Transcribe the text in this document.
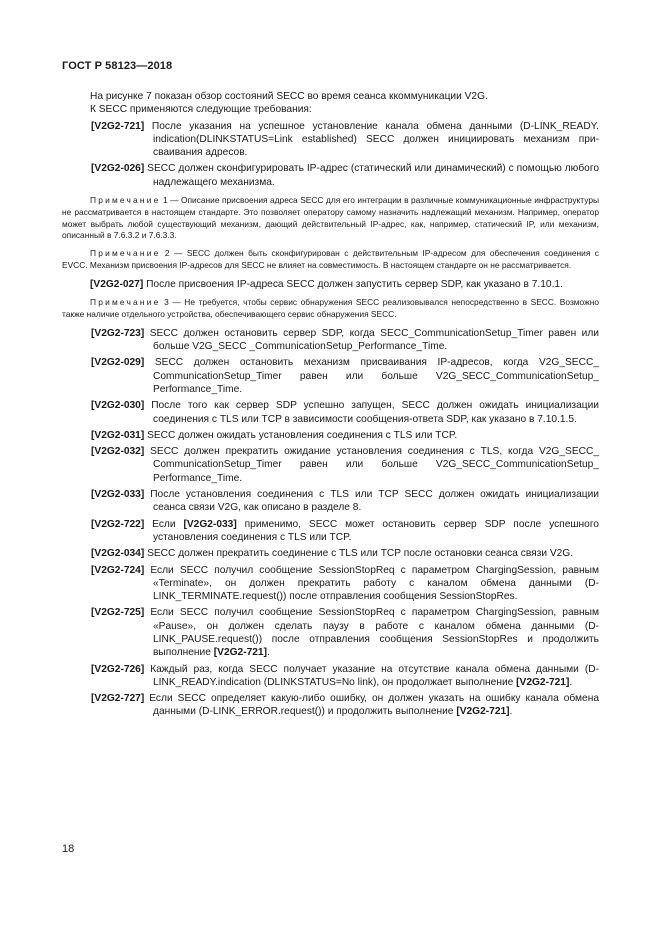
ГОСТ Р 58123—2018

На рисунке 7 показан обзор состояний SECC во время сеанса ккоммуникации V2G.

К SECC применяются следующие требования:

[V2G2-721] После указания на успешное установление канала обмена данными (D-LINK_READY. indication(DLINKSTATUS=Link established) SECC должен инициировать механизм присваивания адресов.

[V2G2-026] SECC должен сконфигурировать IP-адрес (статический или динамический) с помощью любого надлежащего механизма.

Примечание 1 — Описание присвоения адреса SECC для его интеграции в различные коммуникационные инфраструктуры не рассматривается в настоящем стандарте. Это позволяет оператору самому назначить надлежащий механизм. Например, оператор может выбрать любой существующий механизм, дающий действительный IP-адрес, как, например, статический IP, или механизм, описанный в 7.6.3.2 и 7.6.3.3.

Примечание 2 — SECC должен быть сконфигурирован с действительным IP-адресом для обеспечения соединения с EVCC. Механизм присвоения IP-адресов для SECC не влияет на совместимость. В настоящем стандарте он не рассматривается.

[V2G2-027] После присвоения IP-адреса SECC должен запустить сервер SDP, как указано в 7.10.1.

Примечание 3 — Не требуется, чтобы сервис обнаружения SECC реализовывался непосредственно в SECC. Возможно также наличие отдельного устройства, обеспечивающего сервис обнаружения SECC.

[V2G2-723] SECC должен остановить сервер SDP, когда SECC_CommunicationSetup_Timer равен или больше V2G_SECC _CommunicationSetup_Performance_Time.

[V2G2-029] SECC должен остановить механизм присваивания IP-адресов, когда V2G_SECC_ CommunicationSetup_Timer равен или больше V2G_SECC_CommunicationSetup_ Performance_Time.

[V2G2-030] После того как сервер SDP успешно запущен, SECC должен ожидать инициализации соединения с TLS или TCP в зависимости сообщения-ответа SDP, как указано в 7.10.1.5.

[V2G2-031] SECC должен ожидать установления соединения с TLS или TCP.

[V2G2-032] SECC должен прекратить ожидание установления соединения с TLS, когда V2G_SECC_ CommunicationSetup_Timer равен или больше V2G_SECC_CommunicationSetup_ Performance_Time.

[V2G2-033] После установления соединения с TLS или TCP SECC должен ожидать инициализации сеанса связи V2G, как описано в разделе 8.

[V2G2-722] Если [V2G2-033] применимо, SECC может остановить сервер SDP после успешного установления соединения с TLS или TCP.

[V2G2-034] SECC должен прекратить соединение с TLS или TCP после остановки сеанса связи V2G.

[V2G2-724] Если SECC получил сообщение SessionStopReq с параметром ChargingSession, равным «Terminate», он должен прекратить работу с каналом обмена данными (D-LINK_TERMINATE.request()) после отправления сообщения SessionStopRes.

[V2G2-725] Если SECC получил сообщение SessionStopReq с параметром ChargingSession, равным «Pause», он должен сделать паузу в работе с каналом обмена данными (D-LINK_PAUSE.request()) после отправления сообщения SessionStopRes и продолжить выполнение [V2G2-721].

[V2G2-726] Каждый раз, когда SECC получает указание на отсутствие канала обмена данными (D-LINK_READY.indication (DLINKSTATUS=No link), он продолжает выполнение [V2G2-721].

[V2G2-727] Если SECC определяет какую-либо ошибку, он должен указать на ошибку канала обмена данными (D-LINK_ERROR.request()) и продолжить выполнение [V2G2-721].

18
